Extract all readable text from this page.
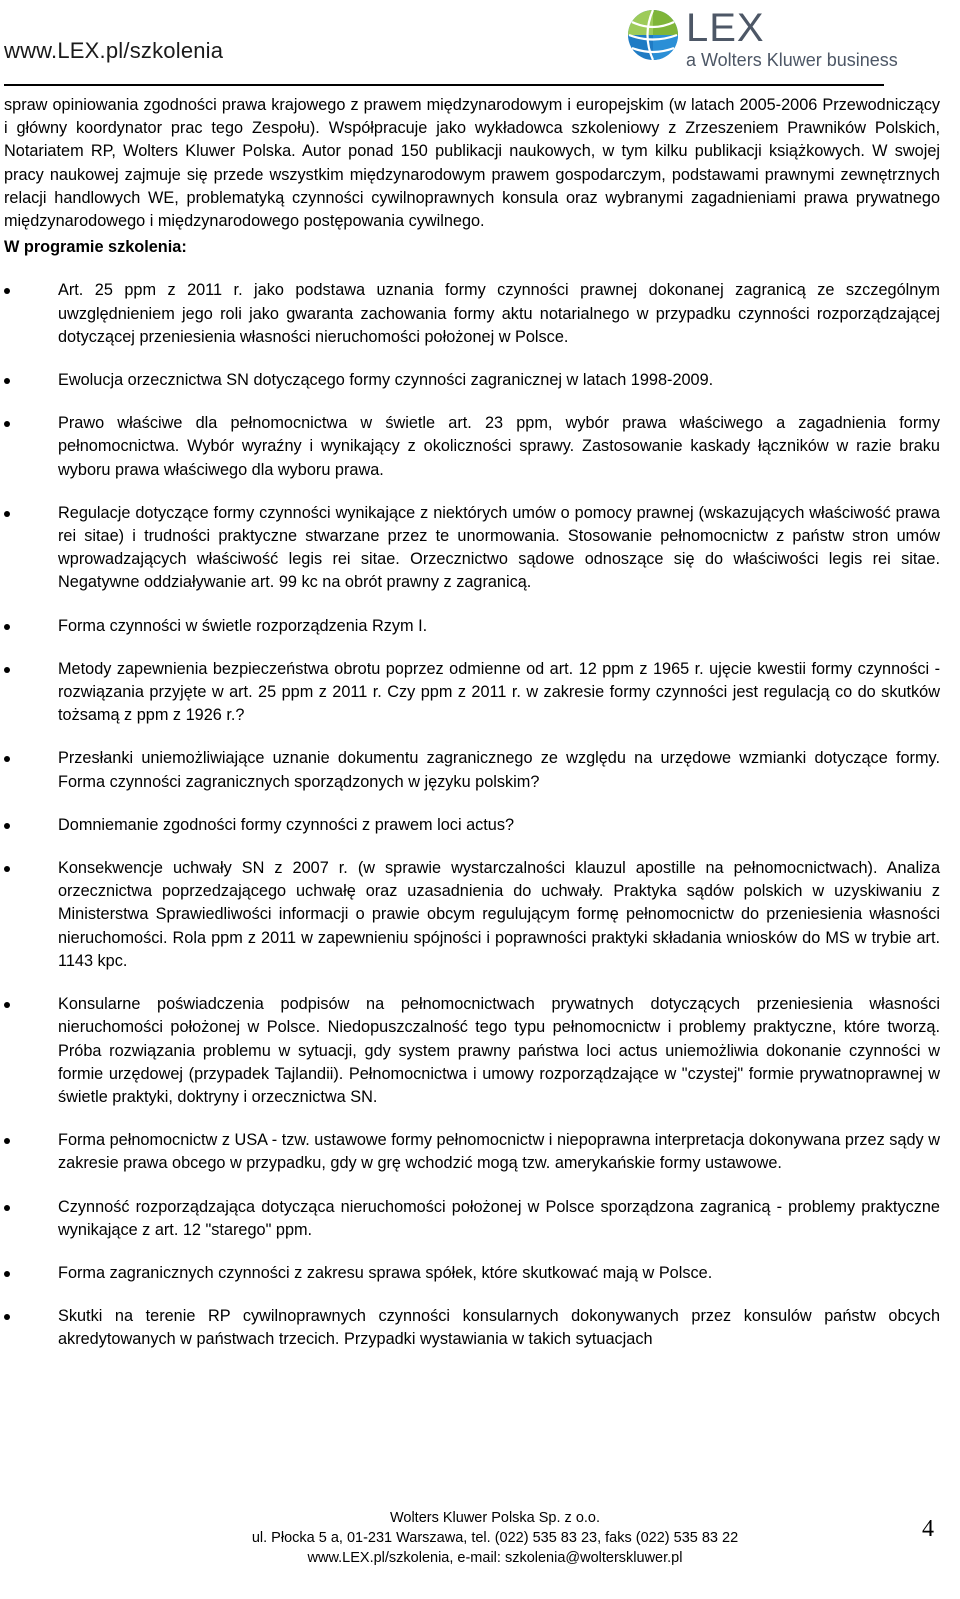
www.LEX.pl/szkolenia
LEX
a Wolters Kluwer business

spraw opiniowania zgodności prawa krajowego z prawem międzynarodowym i europejskim (w latach 2005-2006 Przewodniczący i główny koordynator prac tego Zespołu). Współpracuje jako wykładowca szkoleniowy z Zrzeszeniem Prawników Polskich, Notariatem RP, Wolters Kluwer Polska. Autor ponad 150 publikacji naukowych, w tym kilku publikacji książkowych. W swojej pracy naukowej zajmuje się przede wszystkim międzynarodowym prawem gospodarczym, podstawami prawnymi zewnętrznych relacji handlowych WE, problematyką czynności cywilnoprawnych konsula oraz wybranymi zagadnieniami prawa prywatnego międzynarodowego i międzynarodowego postępowania cywilnego.

W programie szkolenia:

Art. 25 ppm z 2011 r. jako podstawa uznania formy czynności prawnej dokonanej zagranicą ze szczególnym uwzględnieniem jego roli jako gwaranta zachowania formy aktu notarialnego w przypadku czynności rozporządzającej dotyczącej przeniesienia własności nieruchomości położonej w Polsce.
Ewolucja orzecznictwa SN dotyczącego formy czynności zagranicznej w latach 1998-2009.
Prawo właściwe dla pełnomocnictwa w świetle art. 23 ppm, wybór prawa właściwego a zagadnienia formy pełnomocnictwa. Wybór wyraźny i wynikający z okoliczności sprawy. Zastosowanie kaskady łączników w razie braku wyboru prawa właściwego dla wyboru prawa.
Regulacje dotyczące formy czynności wynikające z niektórych umów o pomocy prawnej (wskazujących właściwość prawa rei sitae) i trudności praktyczne stwarzane przez te unormowania. Stosowanie pełnomocnictw z państw stron umów wprowadzających właściwość legis rei sitae. Orzecznictwo sądowe odnoszące się do właściwości legis rei sitae. Negatywne oddziaływanie art. 99 kc na obrót prawny z zagranicą.
Forma czynności w świetle rozporządzenia Rzym I.
Metody zapewnienia bezpieczeństwa obrotu poprzez odmienne od art. 12 ppm z 1965 r. ujęcie kwestii formy czynności - rozwiązania przyjęte w art. 25 ppm z 2011 r. Czy ppm z 2011 r. w zakresie formy czynności jest regulacją co do skutków tożsamą z ppm z 1926 r.?
Przesłanki uniemożliwiające uznanie dokumentu zagranicznego ze względu na urzędowe wzmianki dotyczące formy. Forma czynności zagranicznych sporządzonych w języku polskim?
Domniemanie zgodności formy czynności z prawem loci actus?
Konsekwencje uchwały SN z 2007 r. (w sprawie wystarczalności klauzul apostille na pełnomocnictwach). Analiza orzecznictwa poprzedzającego uchwałę oraz uzasadnienia do uchwały. Praktyka sądów polskich w uzyskiwaniu z Ministerstwa Sprawiedliwości informacji o prawie obcym regulującym formę pełnomocnictw do przeniesienia własności nieruchomości. Rola ppm z 2011 w zapewnieniu spójności i poprawności praktyki składania wniosków do MS w trybie art. 1143 kpc.
Konsularne poświadczenia podpisów na pełnomocnictwach prywatnych dotyczących przeniesienia własności nieruchomości położonej w Polsce. Niedopuszczalność tego typu pełnomocnictw i problemy praktyczne, które tworzą. Próba rozwiązania problemu w sytuacji, gdy system prawny państwa loci actus uniemożliwia dokonanie czynności w formie urzędowej (przypadek Tajlandii). Pełnomocnictwa i umowy rozporządzające w "czystej" formie prywatnoprawnej w świetle praktyki, doktryny i orzecznictwa SN.
Forma pełnomocnictw z USA - tzw. ustawowe formy pełnomocnictw i niepoprawna interpretacja dokonywana przez sądy w zakresie prawa obcego w przypadku, gdy w grę wchodzić mogą tzw. amerykańskie formy ustawowe.
Czynność rozporządzająca dotycząca nieruchomości położonej w Polsce sporządzona zagranicą - problemy praktyczne wynikające z art. 12 "starego" ppm.
Forma zagranicznych czynności z zakresu sprawa spółek, które skutkować mają w Polsce.
Skutki na terenie RP cywilnoprawnych czynności konsularnych dokonywanych przez konsulów państw obcych akredytowanych w państwach trzecich. Przypadki wystawiania w takich sytuacjach
Wolters Kluwer Polska Sp. z o.o.
ul. Płocka 5 a, 01-231 Warszawa, tel. (022) 535 83 23, faks (022) 535 83 22
www.LEX.pl/szkolenia, e-mail: szkolenia@wolterskluwer.pl
4
